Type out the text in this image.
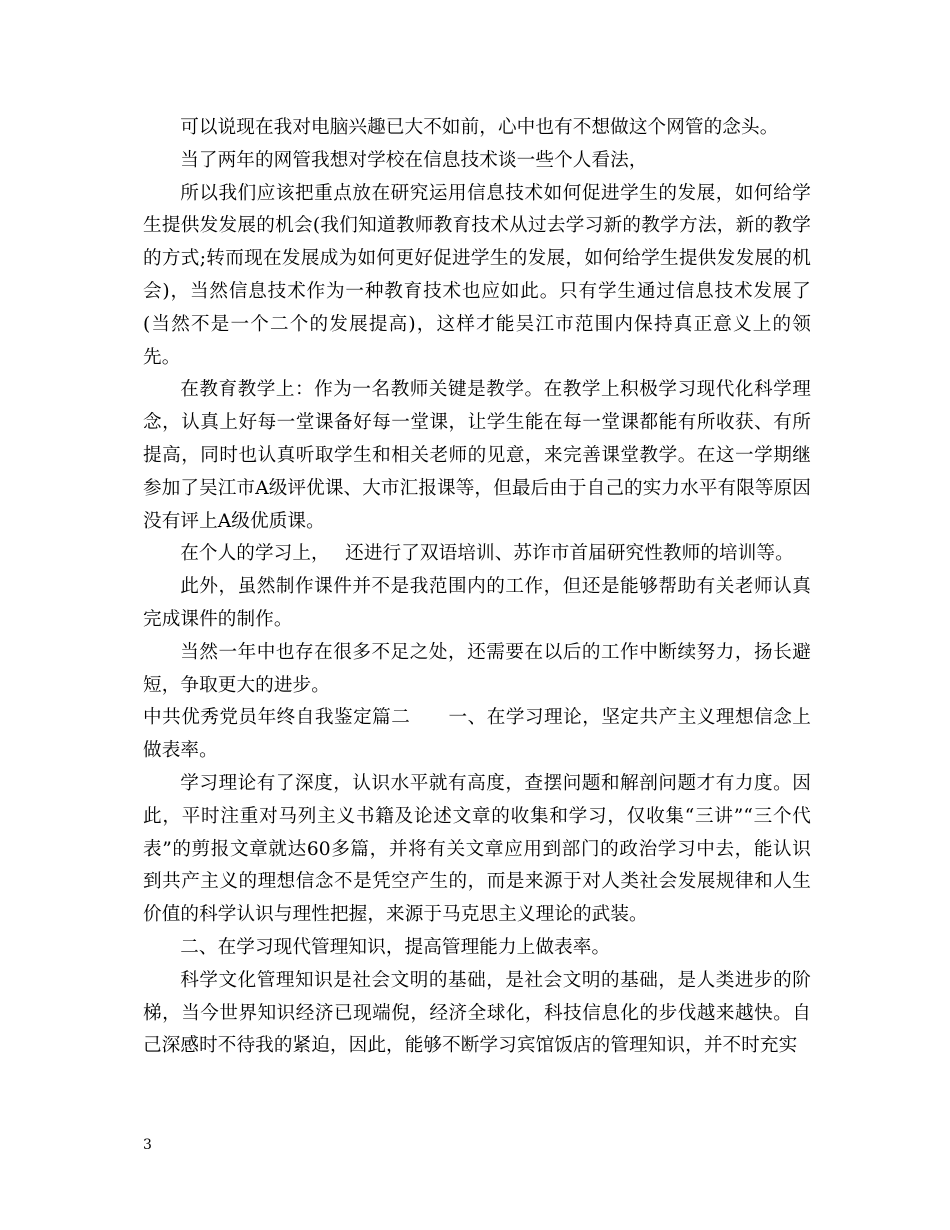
可以说现在我对电脑兴趣已大不如前，心中也有不想做这个网管的念头。

当了两年的网管我想对学校在信息技术谈一些个人看法，

所以我们应该把重点放在研究运用信息技术如何促进学生的发展，如何给学生提供发发展的机会(我们知道教师教育技术从过去学习新的教学方法，新的教学的方式;转而现在发展成为如何更好促进学生的发展，如何给学生提供发发展的机会)，当然信息技术作为一种教育技术也应如此。只有学生通过信息技术发展了(当然不是一个二个的发展提高)，这样才能吴江市范围内保持真正意义上的领先。

在教育教学上：作为一名教师关键是教学。在教学上积极学习现代化科学理念，认真上好每一堂课备好每一堂课，让学生能在每一堂课都能有所收获、有所提高，同时也认真听取学生和相关老师的见意，来完善课堂教学。在这一学期继参加了吴江市A级评优课、大市汇报课等，但最后由于自己的实力水平有限等原因没有评上A级优质课。

在个人的学习上，　 还进行了双语培训、苏诈市首届研究性教师的培训等。

此外，虽然制作课件并不是我范围内的工作，但还是能够帮助有关老师认真完成课件的制作。

当然一年中也存在很多不足之处，还需要在以后的工作中断续努力，扬长避短，争取更大的进步。

中共优秀党员年终自我鉴定篇二　　一、在学习理论，坚定共产主义理想信念上做表率。

学习理论有了深度，认识水平就有高度，查摆问题和解剖问题才有力度。因此，平时注重对马列主义书籍及论述文章的收集和学习，仅收集“三讲”“三个代表”的剪报文章就达60多篇，并将有关文章应用到部门的政治学习中去，能认识到共产主义的理想信念不是凭空产生的，而是来源于对人类社会发展规律和人生价值的科学认识与理性把握，来源于马克思主义理论的武装。

二、在学习现代管理知识，提高管理能力上做表率。

科学文化管理知识是社会文明的基础，是社会文明的基础，是人类进步的阶梯，当今世界知识经济已现端倪，经济全球化，科技信息化的步伐越来越快。自己深感时不待我的紧迫，因此，能够不断学习宾馆饭店的管理知识，并不时充实

3
